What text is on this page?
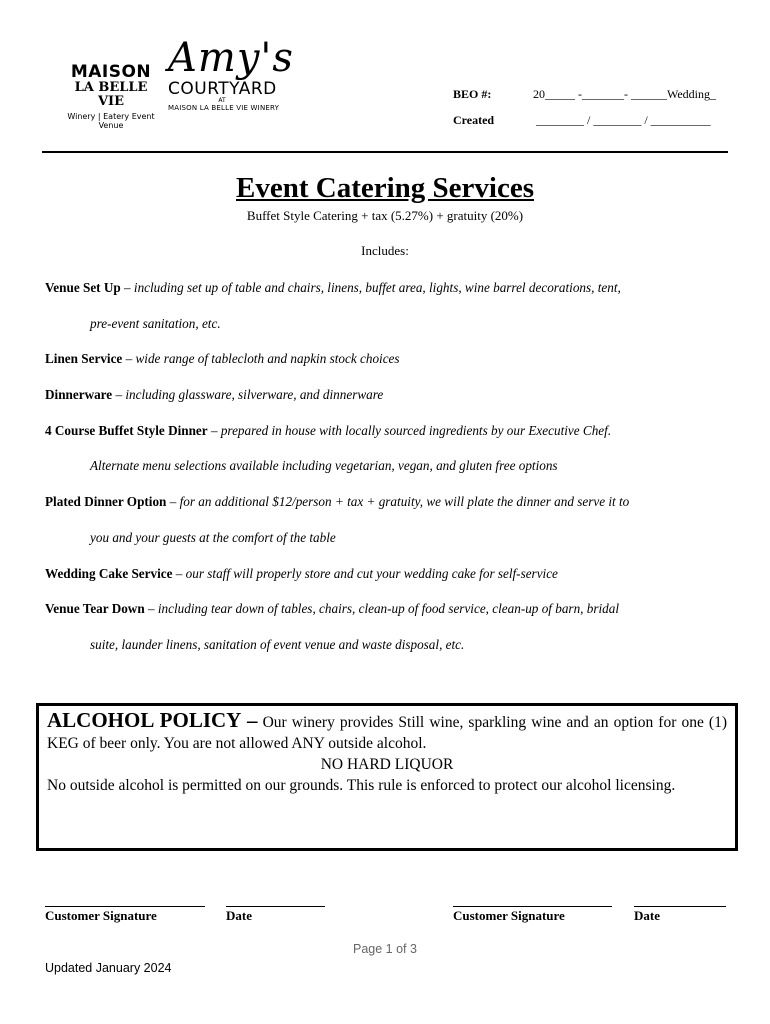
MAISON
LA BELLE VIE
Winery | Eatery Event Venue
Amy's
COURTYARD
AT
MAISON LA BELLE VIE WINERY
BEO #:	20_____ -_______- ______Wedding_
Created	________ / ________ / __________
Event Catering Services
Buffet Style Catering + tax (5.27%) + gratuity (20%)
Includes:
Venue Set Up – including set up of table and chairs, linens, buffet area, lights, wine barrel decorations, tent,
pre-event sanitation, etc.
Linen Service – wide range of tablecloth and napkin stock choices
Dinnerware – including glassware, silverware, and dinnerware
4 Course Buffet Style Dinner – prepared in house with locally sourced ingredients by our Executive Chef.
Alternate menu selections available including vegetarian, vegan, and gluten free options
Plated Dinner Option – for an additional $12/person + tax + gratuity, we will plate the dinner and serve it to
you and your guests at the comfort of the table
Wedding Cake Service – our staff will properly store and cut your wedding cake for self-service
Venue Tear Down – including tear down of tables, chairs, clean-up of food service, clean-up of barn, bridal
suite, launder linens, sanitation of event venue and waste disposal, etc.
ALCOHOL POLICY – Our winery provides Still wine, sparkling wine and an option for one (1) KEG of beer only. You are not allowed ANY outside alcohol.
NO HARD LIQUOR
No outside alcohol is permitted on our grounds. This rule is enforced to protect our alcohol licensing.
Customer Signature	Date	Customer Signature	Date
Page 1 of 3
Updated January 2024
